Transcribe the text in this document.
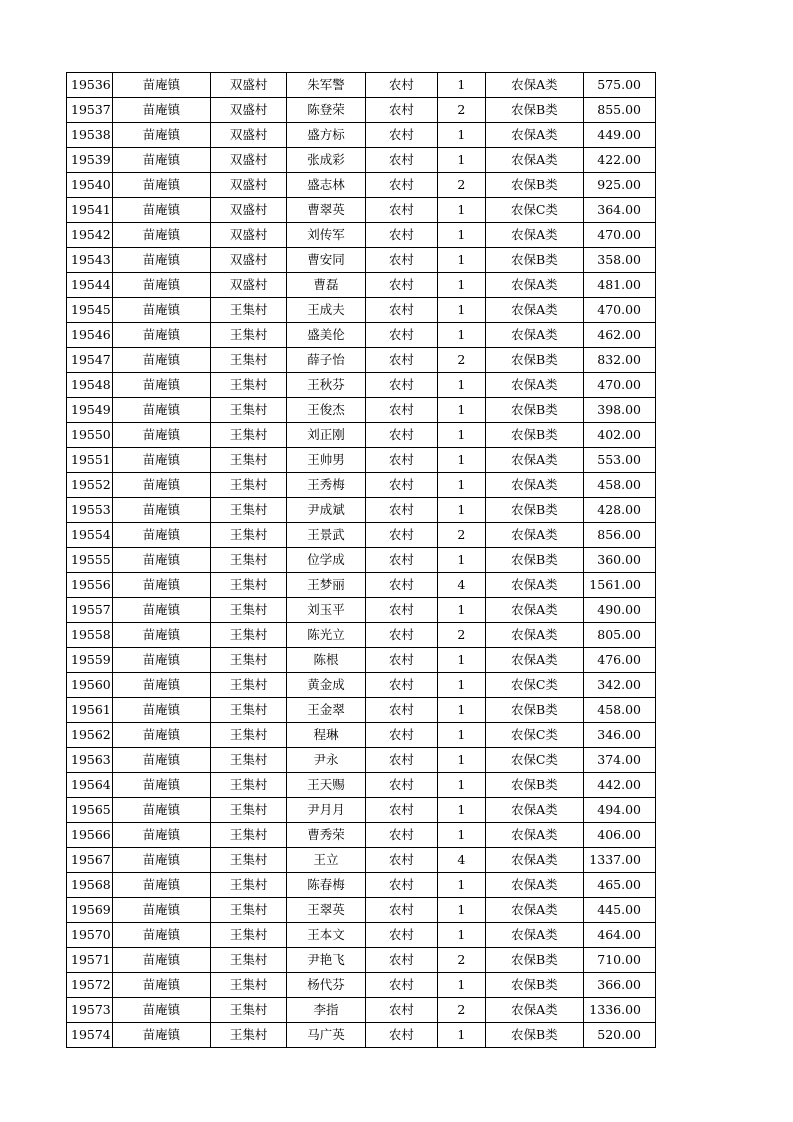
19536	苗庵镇	双盛村	朱军警	农村	1	农保A类	575.00
19537	苗庵镇	双盛村	陈登荣	农村	2	农保B类	855.00
19538	苗庵镇	双盛村	盛方标	农村	1	农保A类	449.00
19539	苗庵镇	双盛村	张成彩	农村	1	农保A类	422.00
19540	苗庵镇	双盛村	盛志林	农村	2	农保B类	925.00
19541	苗庵镇	双盛村	曹翠英	农村	1	农保C类	364.00
19542	苗庵镇	双盛村	刘传军	农村	1	农保A类	470.00
19543	苗庵镇	双盛村	曹安同	农村	1	农保B类	358.00
19544	苗庵镇	双盛村	曹磊	农村	1	农保A类	481.00
19545	苗庵镇	王集村	王成夫	农村	1	农保A类	470.00
19546	苗庵镇	王集村	盛美伦	农村	1	农保A类	462.00
19547	苗庵镇	王集村	薛子怡	农村	2	农保B类	832.00
19548	苗庵镇	王集村	王秋芬	农村	1	农保A类	470.00
19549	苗庵镇	王集村	王俊杰	农村	1	农保B类	398.00
19550	苗庵镇	王集村	刘正刚	农村	1	农保B类	402.00
19551	苗庵镇	王集村	王帅男	农村	1	农保A类	553.00
19552	苗庵镇	王集村	王秀梅	农村	1	农保A类	458.00
19553	苗庵镇	王集村	尹成斌	农村	1	农保B类	428.00
19554	苗庵镇	王集村	王景武	农村	2	农保A类	856.00
19555	苗庵镇	王集村	位学成	农村	1	农保B类	360.00
19556	苗庵镇	王集村	王梦丽	农村	4	农保A类	1561.00
19557	苗庵镇	王集村	刘玉平	农村	1	农保A类	490.00
19558	苗庵镇	王集村	陈光立	农村	2	农保A类	805.00
19559	苗庵镇	王集村	陈根	农村	1	农保A类	476.00
19560	苗庵镇	王集村	黄金成	农村	1	农保C类	342.00
19561	苗庵镇	王集村	王金翠	农村	1	农保B类	458.00
19562	苗庵镇	王集村	程琳	农村	1	农保C类	346.00
19563	苗庵镇	王集村	尹永	农村	1	农保C类	374.00
19564	苗庵镇	王集村	王天赐	农村	1	农保B类	442.00
19565	苗庵镇	王集村	尹月月	农村	1	农保A类	494.00
19566	苗庵镇	王集村	曹秀荣	农村	1	农保A类	406.00
19567	苗庵镇	王集村	王立	农村	4	农保A类	1337.00
19568	苗庵镇	王集村	陈春梅	农村	1	农保A类	465.00
19569	苗庵镇	王集村	王翠英	农村	1	农保A类	445.00
19570	苗庵镇	王集村	王本文	农村	1	农保A类	464.00
19571	苗庵镇	王集村	尹艳飞	农村	2	农保B类	710.00
19572	苗庵镇	王集村	杨代芬	农村	1	农保B类	366.00
19573	苗庵镇	王集村	李指	农村	2	农保A类	1336.00
19574	苗庵镇	王集村	马广英	农村	1	农保B类	520.00
